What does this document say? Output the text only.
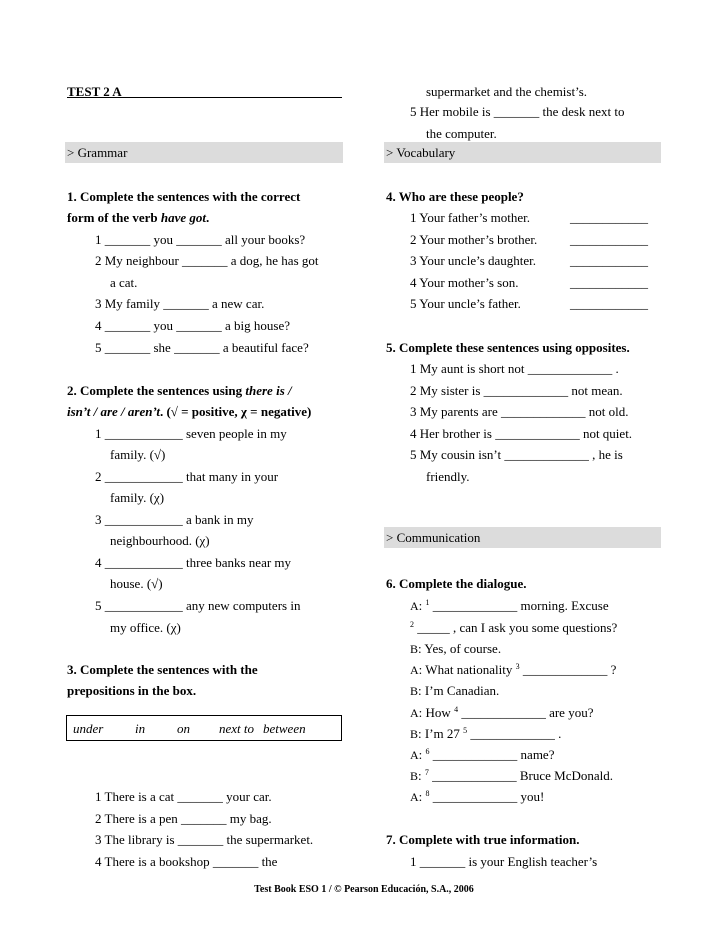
TEST 2 A
> Grammar
1. Complete the sentences with the correct
form of the verb have got.
1 _______ you _______ all your books?
2 My neighbour _______ a dog, he has got
a cat.
3 My family _______ a new car.
4 _______ you _______ a big house?
5 _______ she _______ a beautiful face?
2. Complete the sentences using there is /
isn’t / are / aren’t. (√ = positive, χ = negative)
1 ____________ seven people in my
family. (√)
2 ____________ that many in your
family. (χ)
3 ____________ a bank in my
neighbourhood. (χ)
4 ____________ three banks near my
house. (√)
5 ____________ any new computers in
my office. (χ)
3. Complete the sentences with the
prepositions in the box.
under in on next to between
1 There is a cat _______ your car.
2 There is a pen _______ my bag.
3 The library is _______ the supermarket.
4 There is a bookshop _______ the
supermarket and the chemist’s.
5 Her mobile is _______ the desk next to
the computer.
> Vocabulary
4. Who are these people?
1 Your father’s mother.	____________
2 Your mother’s brother.	____________
3 Your uncle’s daughter.	____________
4 Your mother’s son.	____________
5 Your uncle’s father.	____________
5. Complete these sentences using opposites.
1 My aunt is short not _____________ .
2 My sister is _____________ not mean.
3 My parents are _____________ not old.
4 Her brother is _____________ not quiet.
5 My cousin isn’t _____________ , he is
friendly.
> Communication
6. Complete the dialogue.
A: $^1$ _____________ morning. Excuse
$^2$ _____ , can I ask you some questions?
B: Yes, of course.
A: What nationality $^3$ _____________ ?
B: I’m Canadian.
A: How $^4$ _____________ are you?
B: I’m 27 $^5$ _____________ .
A: $^6$ _____________ name?
B: $^7$ _____________ Bruce McDonald.
A: $^8$ _____________ you!
7. Complete with true information.
1 _______ is your English teacher’s
Test Book ESO 1 / © Pearson Educación, S.A., 2006
